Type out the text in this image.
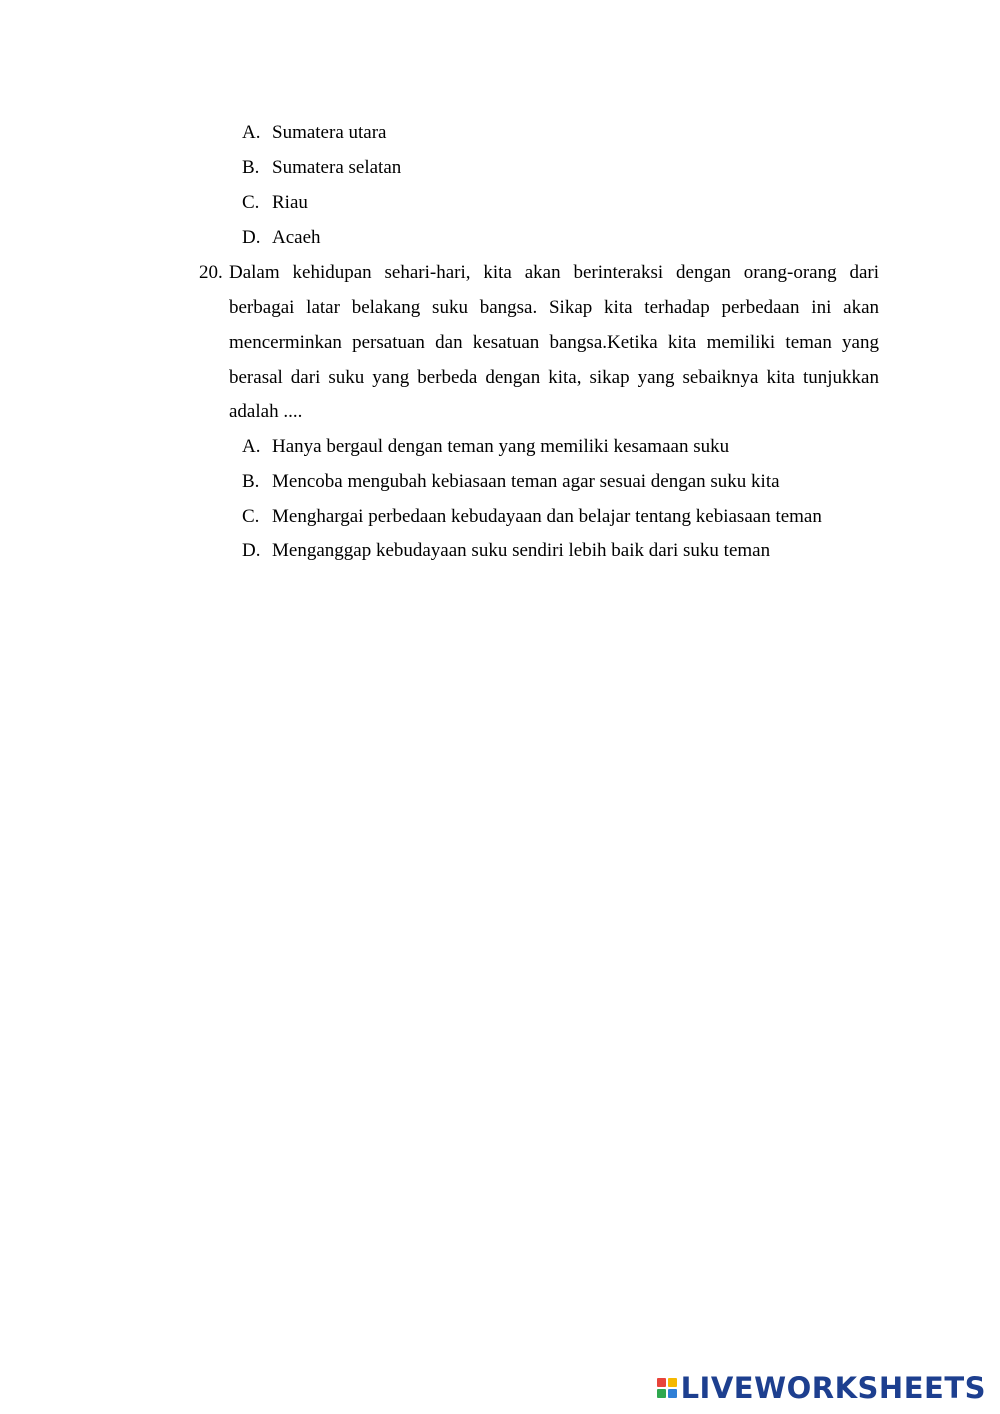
A. Sumatera utara
B. Sumatera selatan
C. Riau
D. Acaeh
20. Dalam kehidupan sehari-hari, kita akan berinteraksi dengan orang-orang dari
berbagai latar belakang suku bangsa. Sikap kita terhadap perbedaan ini akan
mencerminkan persatuan dan kesatuan bangsa.Ketika kita memiliki teman yang
berasal dari suku yang berbeda dengan kita, sikap yang sebaiknya kita tunjukkan
adalah ....
A. Hanya bergaul dengan teman yang memiliki kesamaan suku
B. Mencoba mengubah kebiasaan teman agar sesuai dengan suku kita
C. Menghargai perbedaan kebudayaan dan belajar tentang kebiasaan teman
D. Menganggap kebudayaan suku sendiri lebih baik dari suku teman
LIVEWORKSHEETS
